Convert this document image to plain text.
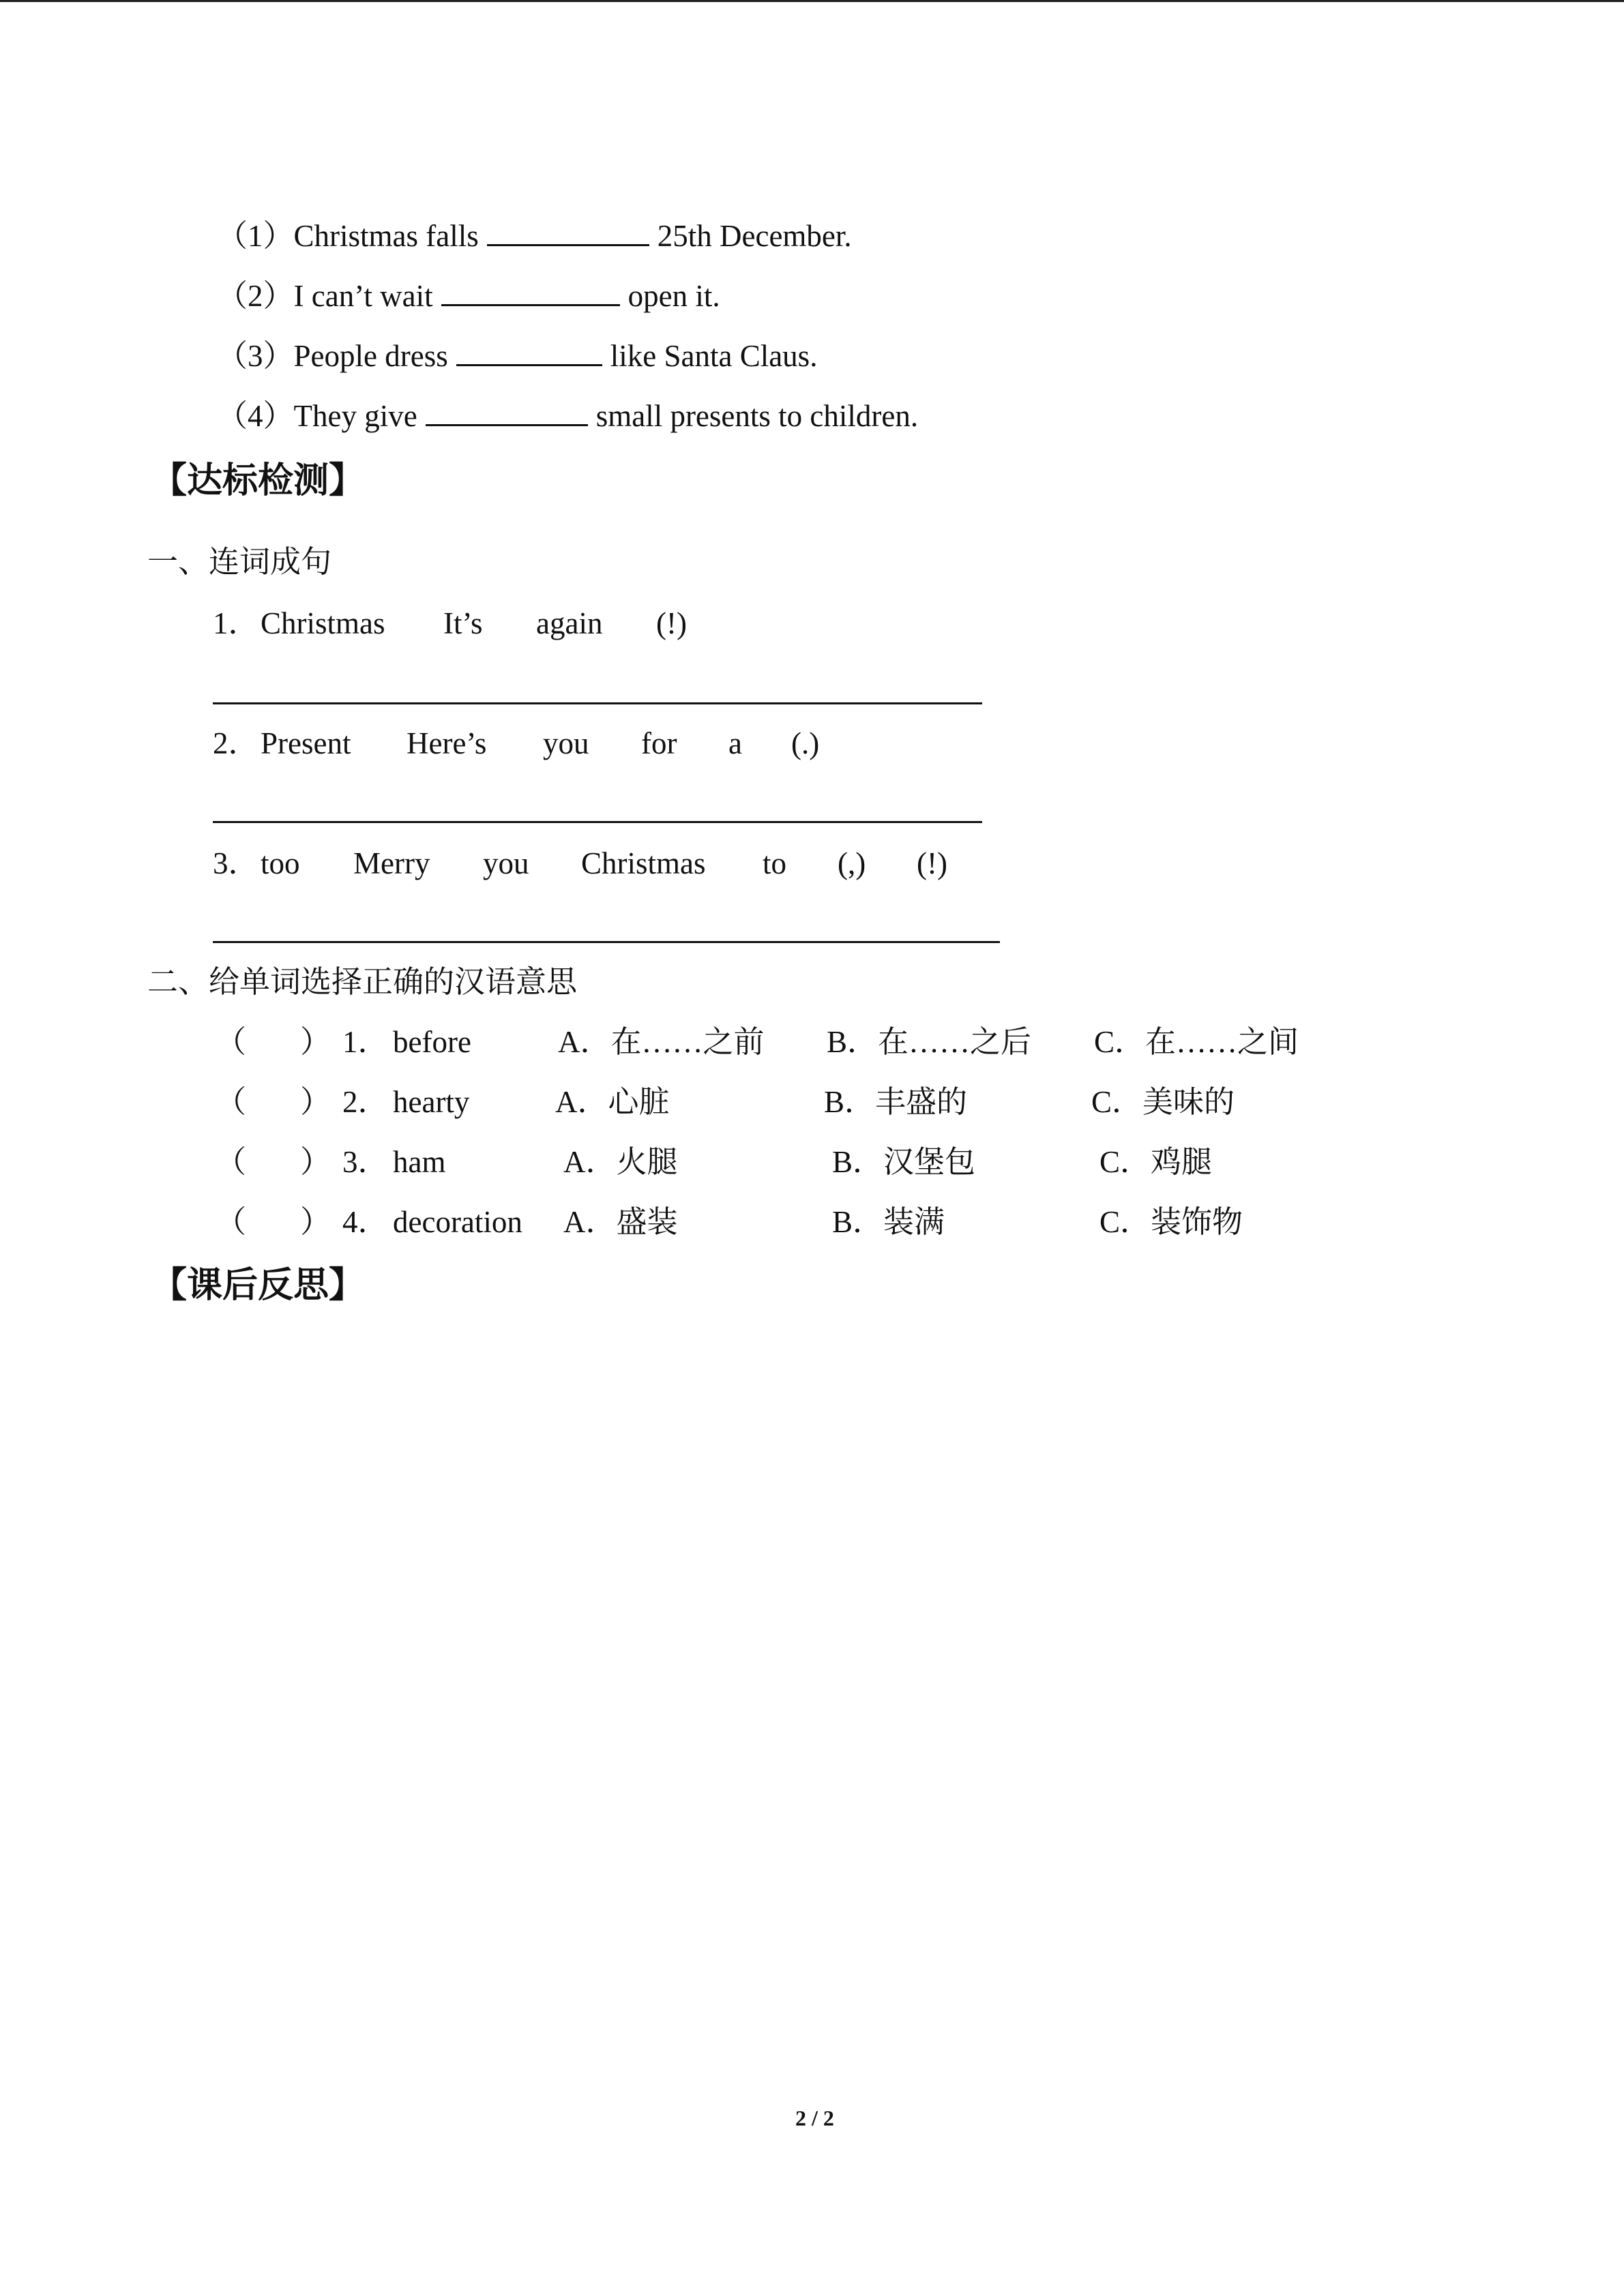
（1）Christmas falls	25th December.
（2）I can’t wait	open it.
（3）People dress	like Santa Claus.
（4）They give	small presents to children.
【达标检测】
一、连词成句
1． Christmas It’s again (!)
2． Present Here’s you for a (.)
3． too Merry you Christmas to (,) (!)
二、给单词选择正确的汉语意思
（ ） 1． before	A．在……之前 B．在……之后 C．在……之间
（ ） 2． hearty	A．心脏	B．丰盛的	C．美味的
（ ） 3． ham	A．火腿	B．汉堡包	C．鸡腿
（ ） 4． decoration A．盛装	B．装满	C．装饰物
【课后反思】
2 / 2
